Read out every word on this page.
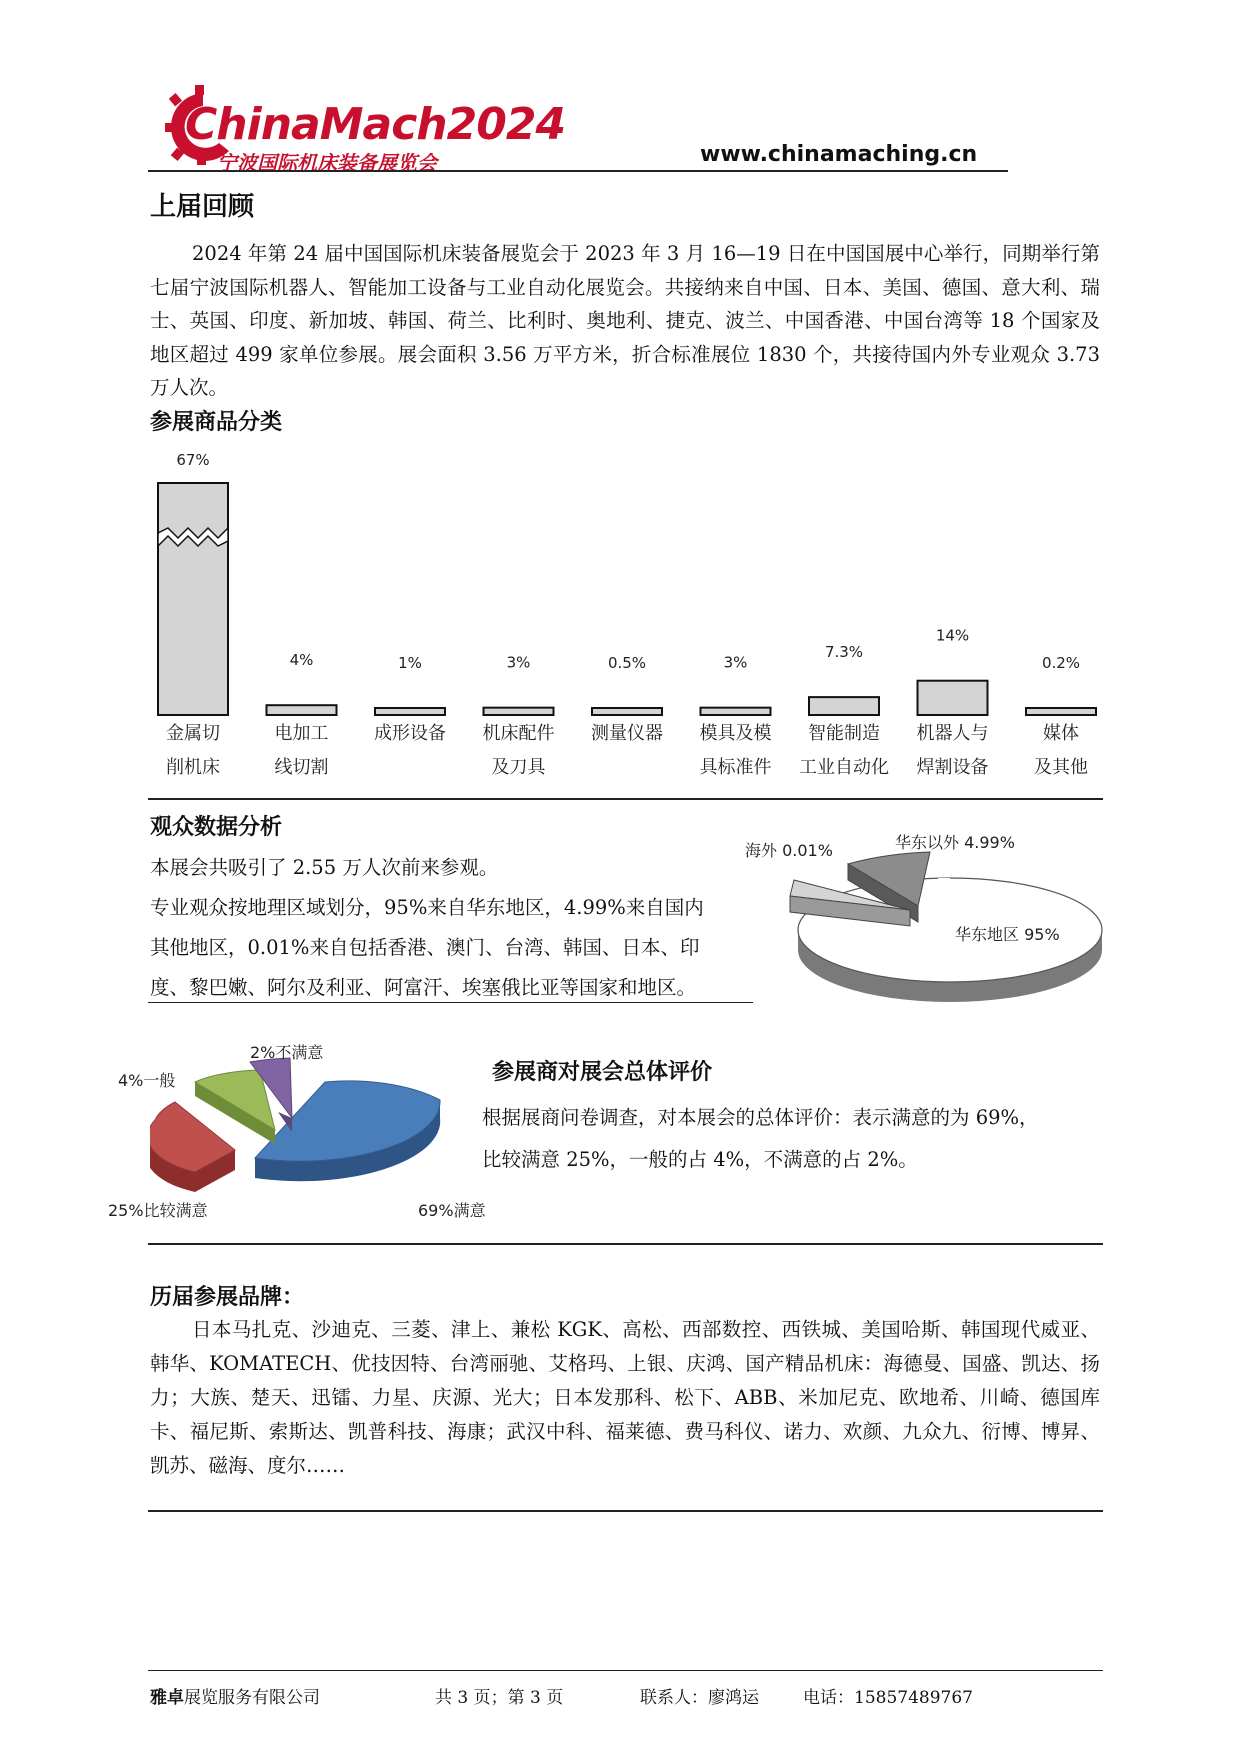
ChinaMach2024
宁波国际机床装备展览会	www.chinamaching.cn
上届回顾

2024 年第 24 届中国国际机床装备展览会于 2023 年 3 月 16—19 日在中国国展中心举行，同期举行第七届宁波国际机器人、智能加工设备与工业自动化展览会。共接纳来自中国、日本、美国、德国、意大利、瑞士、英国、印度、新加坡、韩国、荷兰、比利时、奥地利、捷克、波兰、中国香港、中国台湾等 18 个国家及地区超过 499 家单位参展。展会面积 3.56 万平方米，折合标准展位 1830 个，共接待国内外专业观众 3.73 万人次。

参展商品分类
67%
4%	1%	3%	0.5%	3%
7.3%
14%
0.2%
金属切
削机床
电加工
线切割
成形设备
	机床配件
及刀具
测量仪器
	模具及模
具标准件
智能制造
工业自动化
机器人与
焊割设备
媒体
及其他
观众数据分析
本展会共吸引了 2.55 万人次前来参观。
专业观众按地理区域划分，95%来自华东地区，4.99%来自国内
其他地区，0.01%来自包括香港、澳门、台湾、韩国、日本、印
度、黎巴嫩、阿尔及利亚、阿富汗、埃塞俄比亚等国家和地区。
海外 0.01%	华东以外 4.99%
华东地区 95%
2%不满意
4%一般
25%比较满意	69%满意
参展商对展会总体评价
根据展商问卷调查，对本展会的总体评价：表示满意的为 69%，
比较满意 25%，一般的占 4%，不满意的占 2%。
历届参展品牌：

日本马扎克、沙迪克、三菱、津上、兼松 KGK、高松、西部数控、西铁城、美国哈斯、韩国现代威亚、韩华、KOMATECH、优技因特、台湾丽驰、艾格玛、上银、庆鸿、国产精品机床：海德曼、国盛、凯达、扬力；大族、楚天、迅镭、力星、庆源、光大；日本发那科、松下、ABB、米加尼克、欧地希、川崎、德国库卡、福尼斯、索斯达、凯普科技、海康；武汉中科、福莱德、费马科仪、诺力、欢颜、九众九、衍博、博昇、凯苏、磁海、度尔……

雅卓展览服务有限公司	共 3 页；第 3 页	联系人：廖鸿运	电话：15857489767
